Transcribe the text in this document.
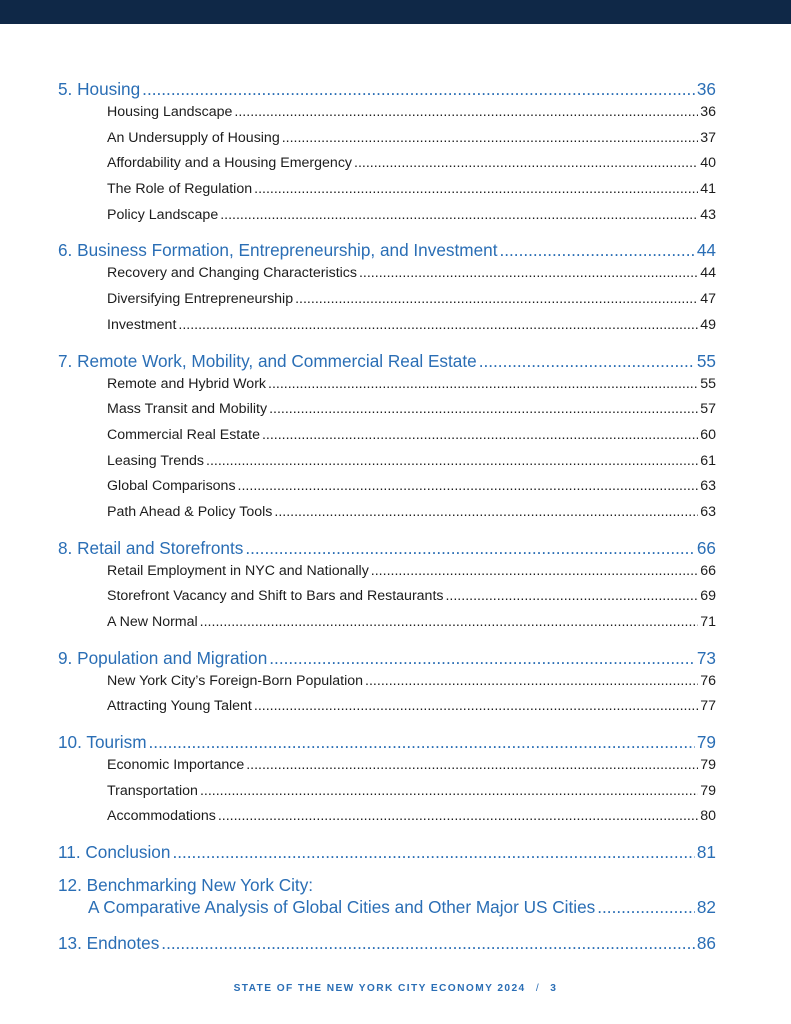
5. Housing .....	36
Housing Landscape .....	36
An Undersupply of Housing .....	37
Affordability and a Housing Emergency .....	40
The Role of Regulation .....	41
Policy Landscape .....	43
6. Business Formation, Entrepreneurship, and Investment .....	44
Recovery and Changing Characteristics .....	44
Diversifying Entrepreneurship .....	47
Investment .....	49
7. Remote Work, Mobility, and Commercial Real Estate .....	55
Remote and Hybrid Work .....	55
Mass Transit and Mobility .....	57
Commercial Real Estate .....	60
Leasing Trends .....	61
Global Comparisons .....	63
Path Ahead & Policy Tools .....	63
8. Retail and Storefronts .....	66
Retail Employment in NYC and Nationally .....	66
Storefront Vacancy and Shift to Bars and Restaurants .....	69
A New Normal .....	71
9. Population and Migration .....	73
New York City’s Foreign-Born Population .....	76
Attracting Young Talent .....	77
10. Tourism .....	79
Economic Importance .....	79
Transportation .....	79
Accommodations .....	80
11. Conclusion .....	81
12. Benchmarking New York City:
A Comparative Analysis of Global Cities and Other Major US Cities .....	82
13. Endnotes .....	86
STATE OF THE NEW YORK CITY ECONOMY 2024 / 3
